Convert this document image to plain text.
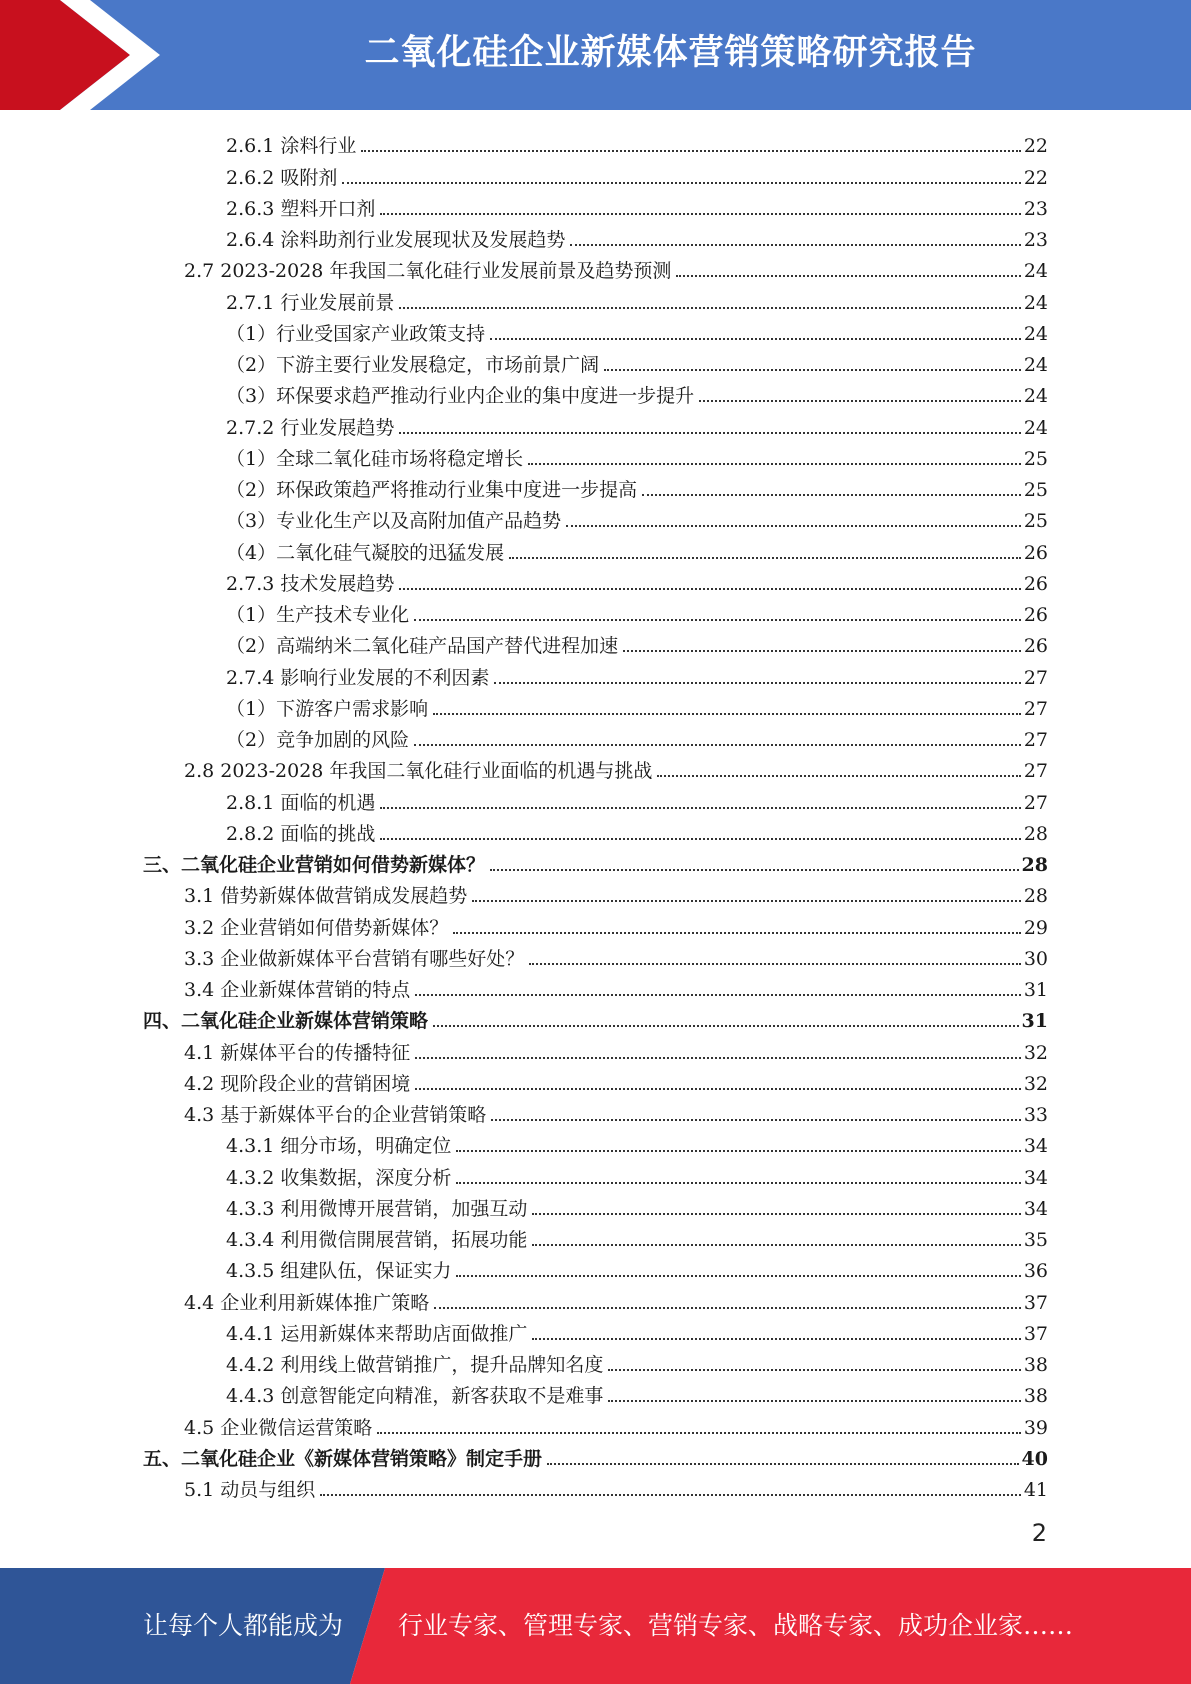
二氧化硅企业新媒体营销策略研究报告
2.6.1 涂料行业	22
2.6.2 吸附剂	22
2.6.3 塑料开口剂	23
2.6.4 涂料助剂行业发展现状及发展趋势	23
2.7 2023-2028 年我国二氧化硅行业发展前景及趋势预测	24
2.7.1 行业发展前景	24
（1）行业受国家产业政策支持	24
（2）下游主要行业发展稳定，市场前景广阔	24
（3）环保要求趋严推动行业内企业的集中度进一步提升	24
2.7.2 行业发展趋势	24
（1）全球二氧化硅市场将稳定增长	25
（2）环保政策趋严将推动行业集中度进一步提高	25
（3）专业化生产以及高附加值产品趋势	25
（4）二氧化硅气凝胶的迅猛发展	26
2.7.3 技术发展趋势	26
（1）生产技术专业化	26
（2）高端纳米二氧化硅产品国产替代进程加速	26
2.7.4 影响行业发展的不利因素	27
（1）下游客户需求影响	27
（2）竞争加剧的风险	27
2.8 2023-2028 年我国二氧化硅行业面临的机遇与挑战	27
2.8.1 面临的机遇	27
2.8.2 面临的挑战	28
三、二氧化硅企业营销如何借势新媒体？	28
3.1 借势新媒体做营销成发展趋势	28
3.2 企业营销如何借势新媒体？	29
3.3 企业做新媒体平台营销有哪些好处？	30
3.4 企业新媒体营销的特点	31
四、二氧化硅企业新媒体营销策略	31
4.1 新媒体平台的传播特征	32
4.2 现阶段企业的营销困境	32
4.3 基于新媒体平台的企业营销策略	33
4.3.1 细分市场，明确定位	34
4.3.2 收集数据，深度分析	34
4.3.3 利用微博开展营销，加强互动	34
4.3.4 利用微信開展营销，拓展功能	35
4.3.5 组建队伍，保证实力	36
4.4 企业利用新媒体推广策略	37
4.4.1 运用新媒体来帮助店面做推广	37
4.4.2 利用线上做营销推广，提升品牌知名度	38
4.4.3 创意智能定向精准，新客获取不是难事	38
4.5 企业微信运营策略	39
五、二氧化硅企业《新媒体营销策略》制定手册	40
5.1 动员与组织	41
2
让每个人都能成为 行业专家、管理专家、营销专家、战略专家、成功企业家……
